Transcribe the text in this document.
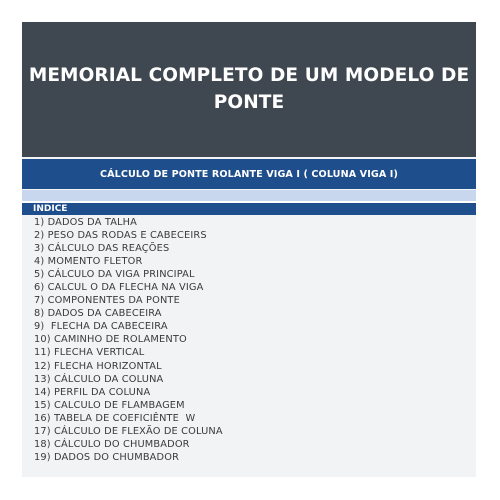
MEMORIAL COMPLETO DE UM MODELO DE
PONTE
CÁLCULO DE PONTE ROLANTE VIGA I ( COLUNA VIGA I)
INDICE
1) DADOS DA TALHA
2) PESO DAS RODAS E CABECEIRS
3) CÁLCULO DAS REAÇÕES
4) MOMENTO FLETOR
5) CÁLCULO DA VIGA PRINCIPAL
6) CALCUL O DA FLECHA NA VIGA
7) COMPONENTES DA PONTE
8) DADOS DA CABECEIRA
9)  FLECHA DA CABECEIRA
10) CAMINHO DE ROLAMENTO
11) FLECHA VERTICAL
12) FLECHA HORIZONTAL
13) CÁLCULO DA COLUNA
14) PERFIL DA COLUNA
15) CALCULO DE FLAMBAGEM
16) TABELA DE COEFICIÊNTE  W
17) CÁLCULO DE FLEXÃO DE COLUNA
18) CÁLCULO DO CHUMBADOR
19) DADOS DO CHUMBADOR
